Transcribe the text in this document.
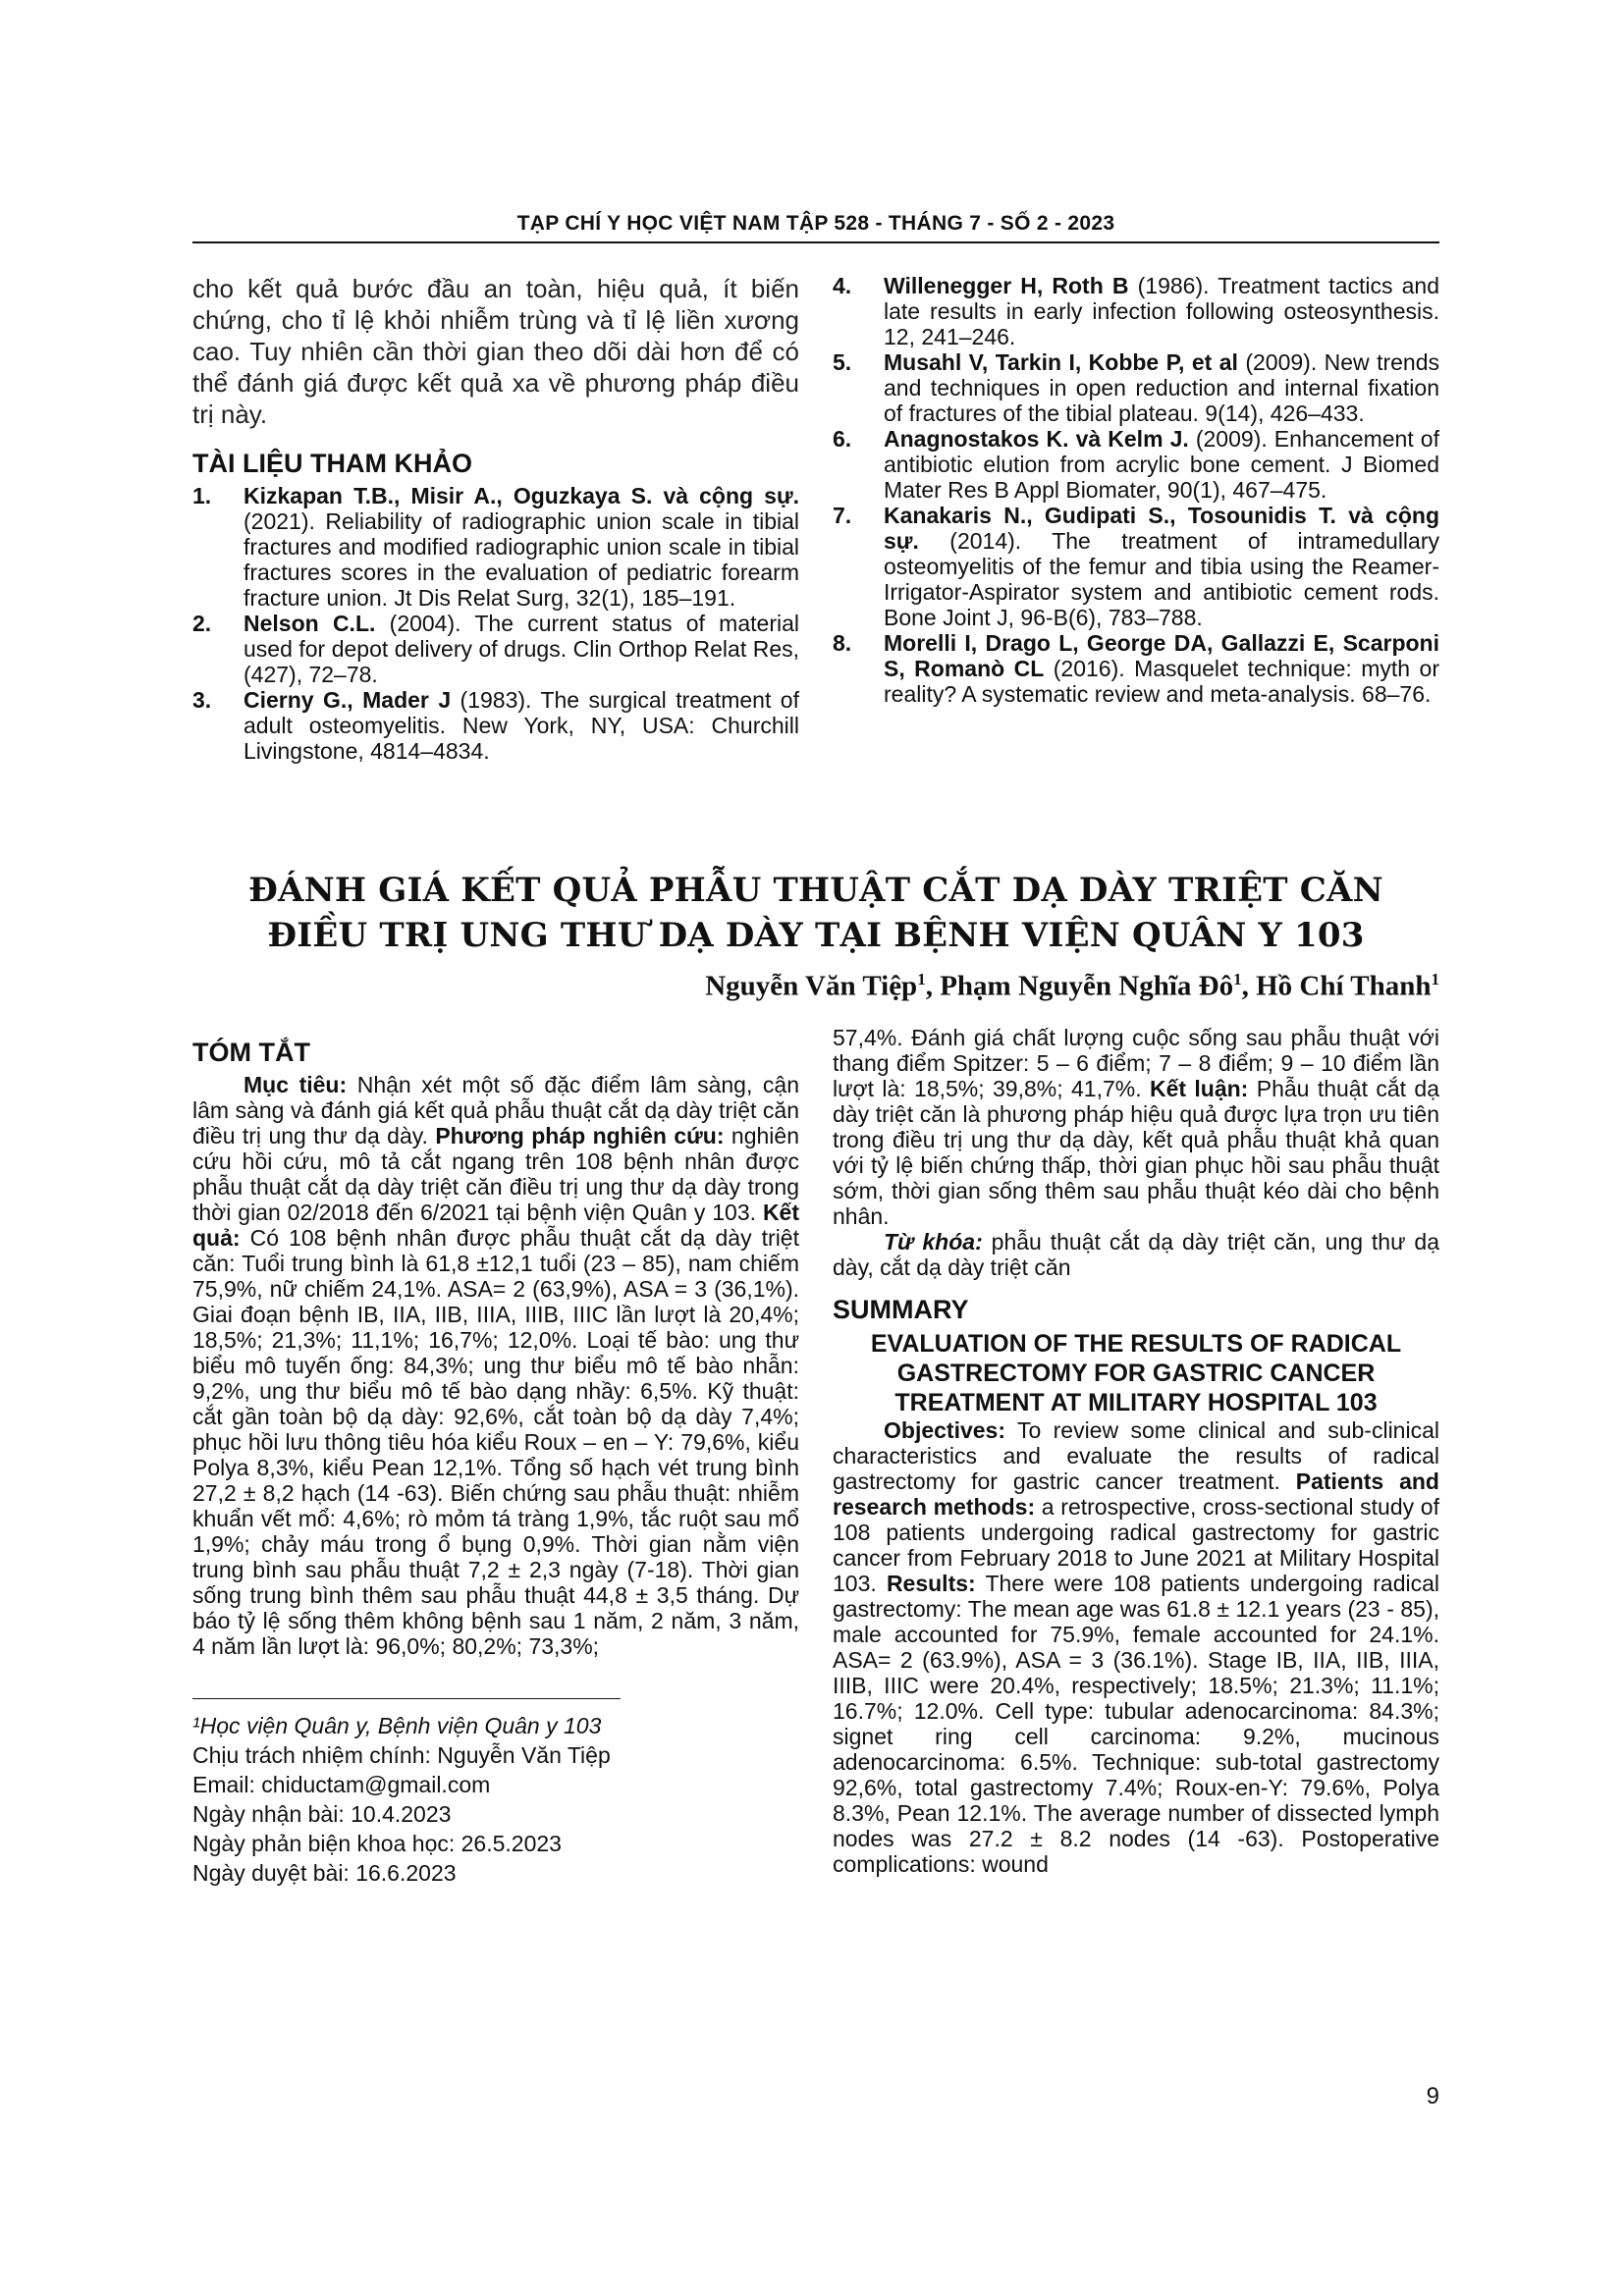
TẠP CHÍ Y HỌC VIỆT NAM TẬP 528 - THÁNG 7 - SỐ 2 - 2023

cho kết quả bước đầu an toàn, hiệu quả, ít biến chứng, cho tỉ lệ khỏi nhiễm trùng và tỉ lệ liền xương cao. Tuy nhiên cần thời gian theo dõi dài hơn để có thể đánh giá được kết quả xa về phương pháp điều trị này.

TÀI LIỆU THAM KHẢO
1.	Kizkapan T.B., Misir A., Oguzkaya S. và cộng sự. (2021). Reliability of radiographic union scale in tibial fractures and modified radiographic union scale in tibial fractures scores in the evaluation of pediatric forearm fracture union. Jt Dis Relat Surg, 32(1), 185–191.
2.	Nelson C.L. (2004). The current status of material used for depot delivery of drugs. Clin Orthop Relat Res, (427), 72–78.
3.	Cierny G., Mader J (1983). The surgical treatment of adult osteomyelitis. New York, NY, USA: Churchill Livingstone, 4814–4834.
4.	Willenegger H, Roth B (1986). Treatment tactics and late results in early infection following osteosynthesis. 12, 241–246.
5.	Musahl V, Tarkin I, Kobbe P, et al (2009). New trends and techniques in open reduction and internal fixation of fractures of the tibial plateau. 9(14), 426–433.
6.	Anagnostakos K. và Kelm J. (2009). Enhancement of antibiotic elution from acrylic bone cement. J Biomed Mater Res B Appl Biomater, 90(1), 467–475.
7.	Kanakaris N., Gudipati S., Tosounidis T. và cộng sự. (2014). The treatment of intramedullary osteomyelitis of the femur and tibia using the Reamer-Irrigator-Aspirator system and antibiotic cement rods. Bone Joint J, 96-B(6), 783–788.
8.	Morelli I, Drago L, George DA, Gallazzi E, Scarponi S, Romanò CL (2016). Masquelet technique: myth or reality? A systematic review and meta-analysis. 68–76.
ĐÁNH GIÁ KẾT QUẢ PHẪU THUẬT CẮT DẠ DÀY TRIỆT CĂN
ĐIỀU TRỊ UNG THƯ DẠ DÀY TẠI BỆNH VIỆN QUÂN Y 103
Nguyễn Văn Tiệp$^1$, Phạm Nguyễn Nghĩa $Đô^1$, Hồ Chí Thanh$^1$
TÓM TẮT

Mục tiêu: Nhận xét một số đặc điểm lâm sàng, cận lâm sàng và đánh giá kết quả phẫu thuật cắt dạ dày triệt căn điều trị ung thư dạ dày. Phương pháp nghiên cứu: nghiên cứu hồi cứu, mô tả cắt ngang trên 108 bệnh nhân được phẫu thuật cắt dạ dày triệt căn điều trị ung thư dạ dày trong thời gian 02/2018 đến 6/2021 tại bệnh viện Quân y 103. Kết quả: Có 108 bệnh nhân được phẫu thuật cắt dạ dày triệt căn: Tuổi trung bình là 61,8 ±12,1 tuổi (23 – 85), nam chiếm 75,9%, nữ chiếm 24,1%. ASA= 2 (63,9%), ASA = 3 (36,1%). Giai đoạn bệnh IB, IIA, IIB, IIIA, IIIB, IIIC lần lượt là 20,4%; 18,5%; 21,3%; 11,1%; 16,7%; 12,0%. Loại tế bào: ung thư biểu mô tuyến ống: 84,3%; ung thư biểu mô tế bào nhẫn: 9,2%, ung thư biểu mô tế bào dạng nhầy: 6,5%. Kỹ thuật: cắt gần toàn bộ dạ dày: 92,6%, cắt toàn bộ dạ dày 7,4%; phục hồi lưu thông tiêu hóa kiểu Roux – en – Y: 79,6%, kiểu Polya 8,3%, kiểu Pean 12,1%. Tổng số hạch vét trung bình 27,2 ± 8,2 hạch (14 -63). Biến chứng sau phẫu thuật: nhiễm khuẩn vết mổ: 4,6%; rò mỏm tá tràng 1,9%, tắc ruột sau mổ 1,9%; chảy máu trong ổ bụng 0,9%. Thời gian nằm viện trung bình sau phẫu thuật 7,2 ± 2,3 ngày (7-18). Thời gian sống trung bình thêm sau phẫu thuật 44,8 ± 3,5 tháng. Dự báo tỷ lệ sống thêm không bệnh sau 1 năm, 2 năm, 3 năm, 4 năm lần lượt là: 96,0%; 80,2%; 73,3%;

¹Học viện Quân y, Bệnh viện Quân y 103
Chịu trách nhiệm chính: Nguyễn Văn Tiệp
Email: chiductam@gmail.com
Ngày nhận bài: 10.4.2023
Ngày phản biện khoa học: 26.5.2023
Ngày duyệt bài: 16.6.2023

57,4%. Đánh giá chất lượng cuộc sống sau phẫu thuật với thang điểm Spitzer: 5 – 6 điểm; 7 – 8 điểm; 9 – 10 điểm lần lượt là: 18,5%; 39,8%; 41,7%. Kết luận: Phẫu thuật cắt dạ dày triệt căn là phương pháp hiệu quả được lựa trọn ưu tiên trong điều trị ung thư dạ dày, kết quả phẫu thuật khả quan với tỷ lệ biến chứng thấp, thời gian phục hồi sau phẫu thuật sớm, thời gian sống thêm sau phẫu thuật kéo dài cho bệnh nhân.

Từ khóa: phẫu thuật cắt dạ dày triệt căn, ung thư dạ dày, cắt dạ dày triệt căn

SUMMARY
EVALUATION OF THE RESULTS OF RADICAL GASTRECTOMY FOR GASTRIC CANCER TREATMENT AT MILITARY HOSPITAL 103

Objectives: To review some clinical and sub-clinical characteristics and evaluate the results of radical gastrectomy for gastric cancer treatment. Patients and research methods: a retrospective, cross-sectional study of 108 patients undergoing radical gastrectomy for gastric cancer from February 2018 to June 2021 at Military Hospital 103. Results: There were 108 patients undergoing radical gastrectomy: The mean age was 61.8 ± 12.1 years (23 - 85), male accounted for 75.9%, female accounted for 24.1%. ASA= 2 (63.9%), ASA = 3 (36.1%). Stage IB, IIA, IIB, IIIA, IIIB, IIIC were 20.4%, respectively; 18.5%; 21.3%; 11.1%; 16.7%; 12.0%. Cell type: tubular adenocarcinoma: 84.3%; signet ring cell carcinoma: 9.2%, mucinous adenocarcinoma: 6.5%. Technique: sub-total gastrectomy 92,6%, total gastrectomy 7.4%; Roux-en-Y: 79.6%, Polya 8.3%, Pean 12.1%. The average number of dissected lymph nodes was 27.2 ± 8.2 nodes (14 -63). Postoperative complications: wound

9
